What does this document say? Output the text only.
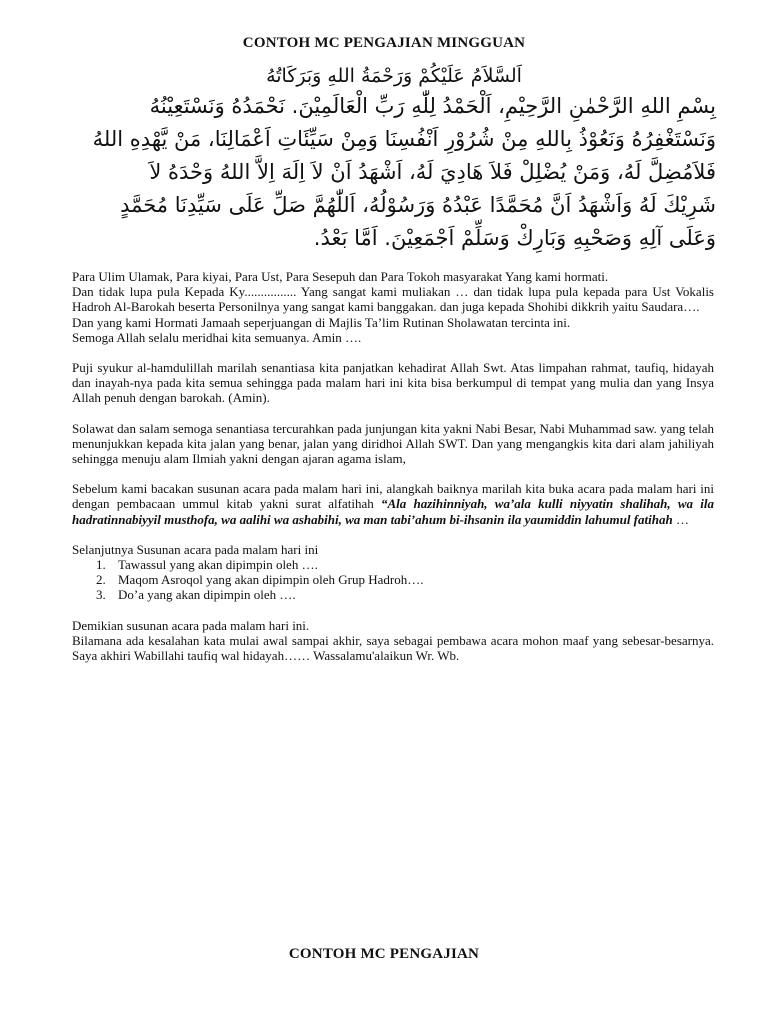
CONTOH MC PENGAJIAN MINGGUAN
اَلسَّلاَمُ عَلَيْكُمْ وَرَحْمَةُ اللهِ وَبَرَكَاتُهُ
بِسْمِ اللهِ الرَّحْمٰنِ الرَّحِيْمِ، اَلْحَمْدُ لِلّٰهِ رَبِّ الْعَالَمِيْنَ. نَحْمَدُهُ وَنَسْتَعِيْنُهُ
وَنَسْتَغْفِرُهُ وَنَعُوْذُ بِاللهِ مِنْ شُرُوْرِ اَنْفُسِنَا وَمِنْ سَيِّئَاتِ اَعْمَالِنَا، مَنْ يَّهْدِهِ اللهُ
فَلاَمُضِلَّ لَهُ، وَمَنْ يُضْلِلْ فَلاَ هَادِيَ لَهُ، اَشْهَدُ اَنْ لاَ اِلَهَ اِلاَّ اللهُ وَحْدَهُ لاَ
شَرِيْكَ لَهُ وَاَشْهَدُ اَنَّ مُحَمَّدًا عَبْدُهُ وَرَسُوْلُهُ، اَللّٰهُمَّ صَلِّ عَلَى سَيِّدِنَا مُحَمَّدٍ
وَعَلَى آلِهِ وَصَحْبِهِ وَبَارِكْ وَسَلِّمْ اَجْمَعِيْنَ. اَمَّا بَعْدُ.

Para Ulim Ulamak, Para kiyai, Para Ust, Para Sesepuh dan Para Tokoh masyarakat Yang kami hormati.

Dan tidak lupa pula Kepada Ky................ Yang sangat kami muliakan … dan tidak lupa pula kepada para Ust Vokalis Hadroh Al-Barokah beserta Personilnya yang sangat kami banggakan. dan juga kepada Shohibi dikkrih yaitu Saudara….

Dan yang kami Hormati Jamaah seperjuangan di Majlis Ta’lim Rutinan Sholawatan tercinta ini.

Semoga Allah selalu meridhai kita semuanya. Amin ….

Puji syukur al-hamdulillah marilah senantiasa kita panjatkan kehadirat Allah Swt. Atas limpahan rahmat, taufiq, hidayah dan inayah-nya pada kita semua sehingga pada malam hari ini kita bisa berkumpul di tempat yang mulia dan yang Insya Allah penuh dengan barokah. (Amin).

Solawat dan salam semoga senantiasa tercurahkan pada junjungan kita yakni Nabi Besar, Nabi Muhammad saw. yang telah menunjukkan kepada kita jalan yang benar, jalan yang diridhoi Allah SWT. Dan yang mengangkis kita dari alam jahiliyah sehingga menuju alam Ilmiah yakni dengan ajaran agama islam,

Sebelum kami bacakan susunan acara pada malam hari ini, alangkah baiknya marilah kita buka acara pada malam hari ini dengan pembacaan ummul kitab yakni surat alfatihah “Ala hazihinniyah, wa’ala kulli niyyatin shalihah, wa ila hadratinnabiyyil musthofa, wa aalihi wa ashabihi, wa man tabi’ahum bi-ihsanin ila yaumiddin lahumul fatihah …

Selanjutnya Susunan acara pada malam hari ini

1. Tawassul yang akan dipimpin oleh ….
2. Maqom Asroqol yang akan dipimpin oleh Grup Hadroh….
3. Do’a yang akan dipimpin oleh ….

Demikian susunan acara pada malam hari ini.

Bilamana ada kesalahan kata mulai awal sampai akhir, saya sebagai pembawa acara mohon maaf yang sebesar-besarnya. Saya akhiri Wabillahi taufiq wal hidayah…… Wassalamu'alaikun Wr. Wb.

CONTOH MC PENGAJIAN
